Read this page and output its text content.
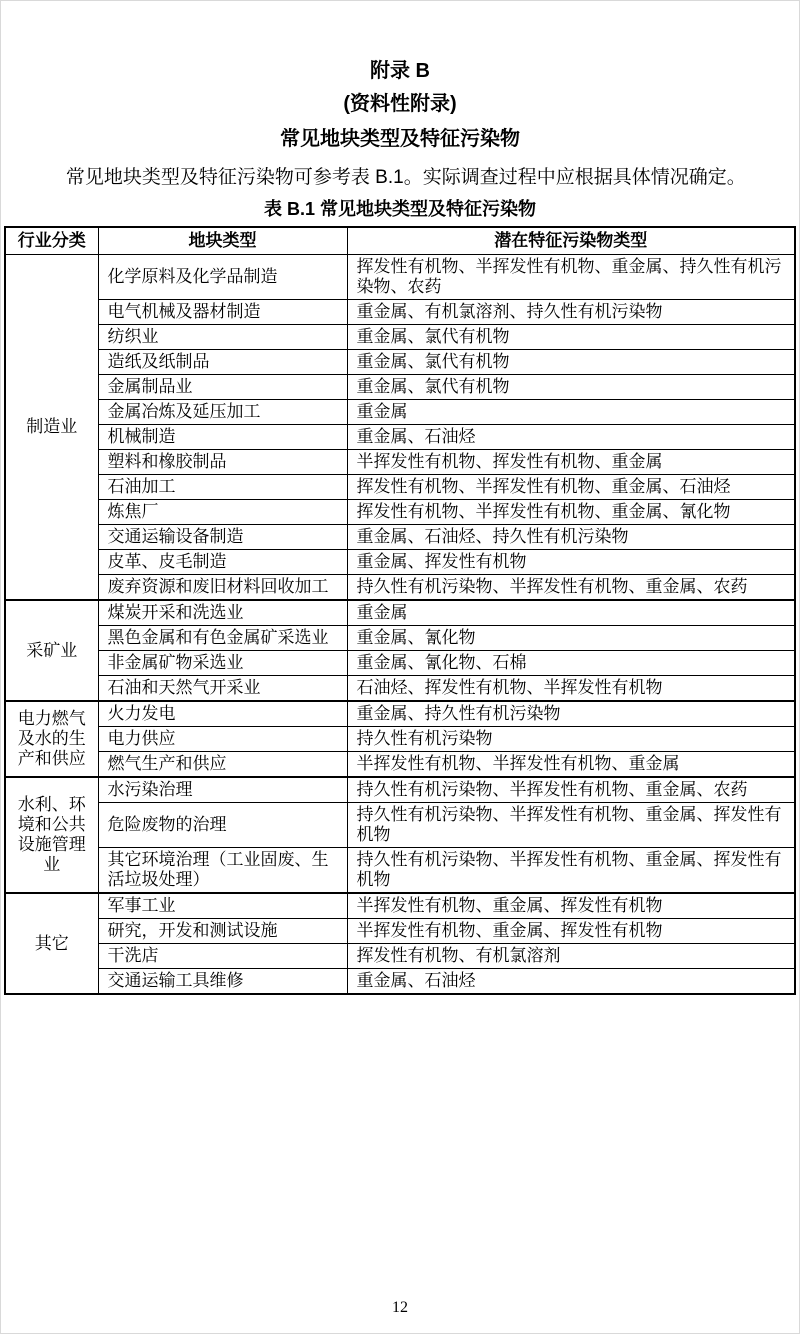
附录 B
(资料性附录)
常见地块类型及特征污染物

常见地块类型及特征污染物可参考表 B.1。实际调查过程中应根据具体情况确定。

表 B.1 常见地块类型及特征污染物
行业分类	地块类型	潜在特征污染物类型
制造业	化学原料及化学品制造	挥发性有机物、半挥发性有机物、重金属、持久性有机污染物、农药
	电气机械及器材制造	重金属、有机氯溶剂、持久性有机污染物
	纺织业	重金属、氯代有机物
	造纸及纸制品	重金属、氯代有机物
	金属制品业	重金属、氯代有机物
	金属冶炼及延压加工	重金属
	机械制造	重金属、石油烃
	塑料和橡胶制品	半挥发性有机物、挥发性有机物、重金属
	石油加工	挥发性有机物、半挥发性有机物、重金属、石油烃
	炼焦厂	挥发性有机物、半挥发性有机物、重金属、氰化物
	交通运输设备制造	重金属、石油烃、持久性有机污染物
	皮革、皮毛制造	重金属、挥发性有机物
	废弃资源和废旧材料回收加工	持久性有机污染物、半挥发性有机物、重金属、农药
采矿业	煤炭开采和洗选业	重金属
	黑色金属和有色金属矿采选业	重金属、氰化物
	非金属矿物采选业	重金属、氰化物、石棉
	石油和天然气开采业	石油烃、挥发性有机物、半挥发性有机物
电力燃气及水的生产和供应	火力发电	重金属、持久性有机污染物
	电力供应	持久性有机污染物
	燃气生产和供应	半挥发性有机物、半挥发性有机物、重金属
水利、环境和公共设施管理业	水污染治理	持久性有机污染物、半挥发性有机物、重金属、农药
	危险废物的治理	持久性有机污染物、半挥发性有机物、重金属、挥发性有机物
	其它环境治理（工业固废、生活垃圾处理）	持久性有机污染物、半挥发性有机物、重金属、挥发性有机物
其它	军事工业	半挥发性有机物、重金属、挥发性有机物
	研究，开发和测试设施	半挥发性有机物、重金属、挥发性有机物
	干洗店	挥发性有机物、有机氯溶剂
	交通运输工具维修	重金属、石油烃
12
